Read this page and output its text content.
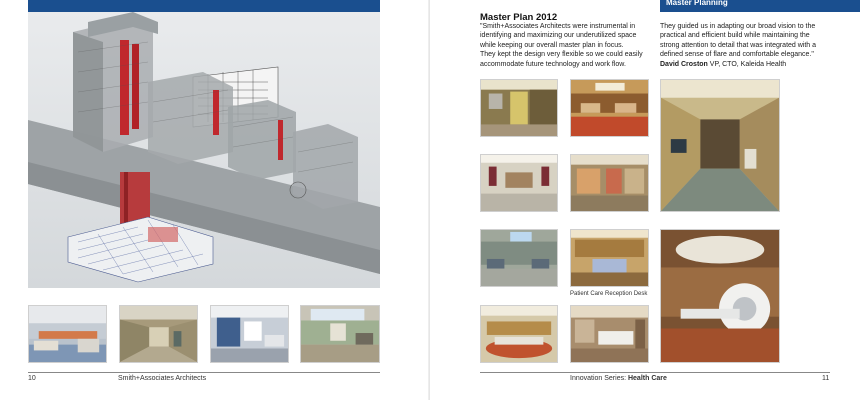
10	Smith+Associates Architects
Master Planning
Master Plan 2012
"Smith+Associates Architects were instrumental in identifying and maximizing our underutilized space while keeping our overall master plan in focus.
They kept the design very flexible so we could easily accommodate future technology and work flow.
They guided us in adapting our broad vision to the practical and efficient build while maintaining the strong attention to detail that was integrated with a defined sense of flare and comfortable elegance."
David Croston VP, CTO, Kaleida Health
Patient Care Reception Desk
Innovation Series: Health Care	11
